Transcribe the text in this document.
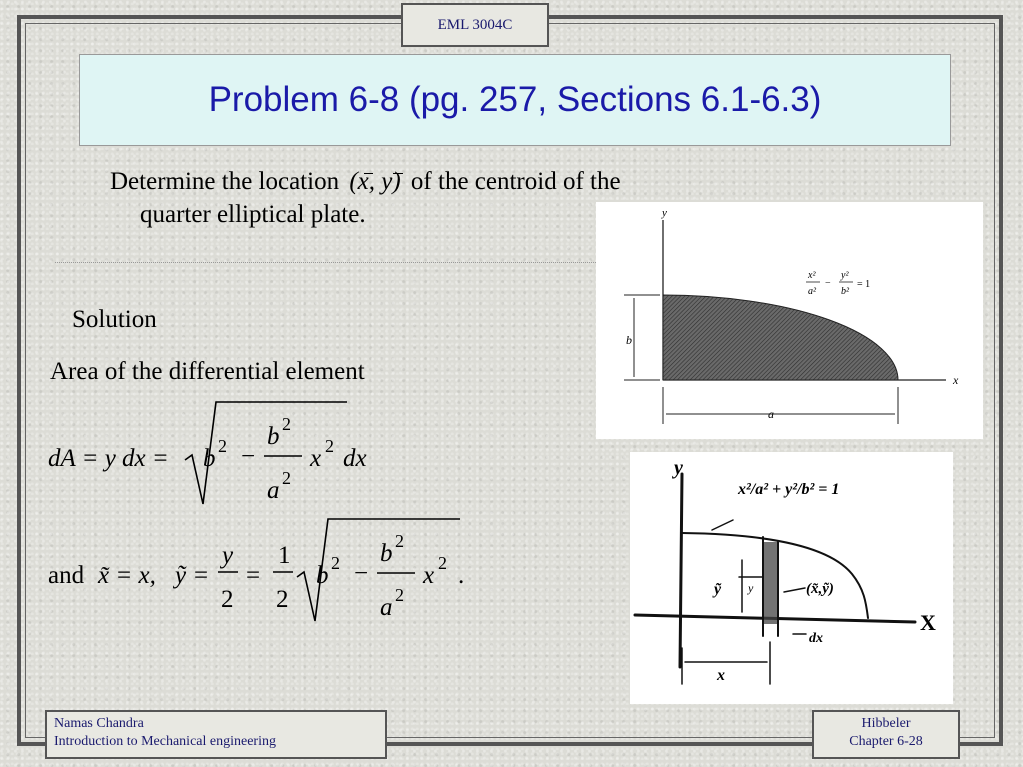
EML 3004C
Problem 6-8 (pg. 257, Sections 6.1-6.3)
Determine the location (x, y) of the centroid of the
quarter elliptical plate.
Solution
Area of the differential element
dA = y dx = b 2 −
b 2
a 2
x 2 dx
and x̃ = x, ỹ =
y
2
=
1
2
b 2 −
b 2
a 2
x 2 .
y
x
b
a
x²
a²
−
y²
b²
= 1
y
X
x²/a² + y²/b² = 1
ỹ y	(x̃,ỹ)
dx
x
Namas Chandra
Introduction to Mechanical engineering
Hibbeler
Chapter 6-28
